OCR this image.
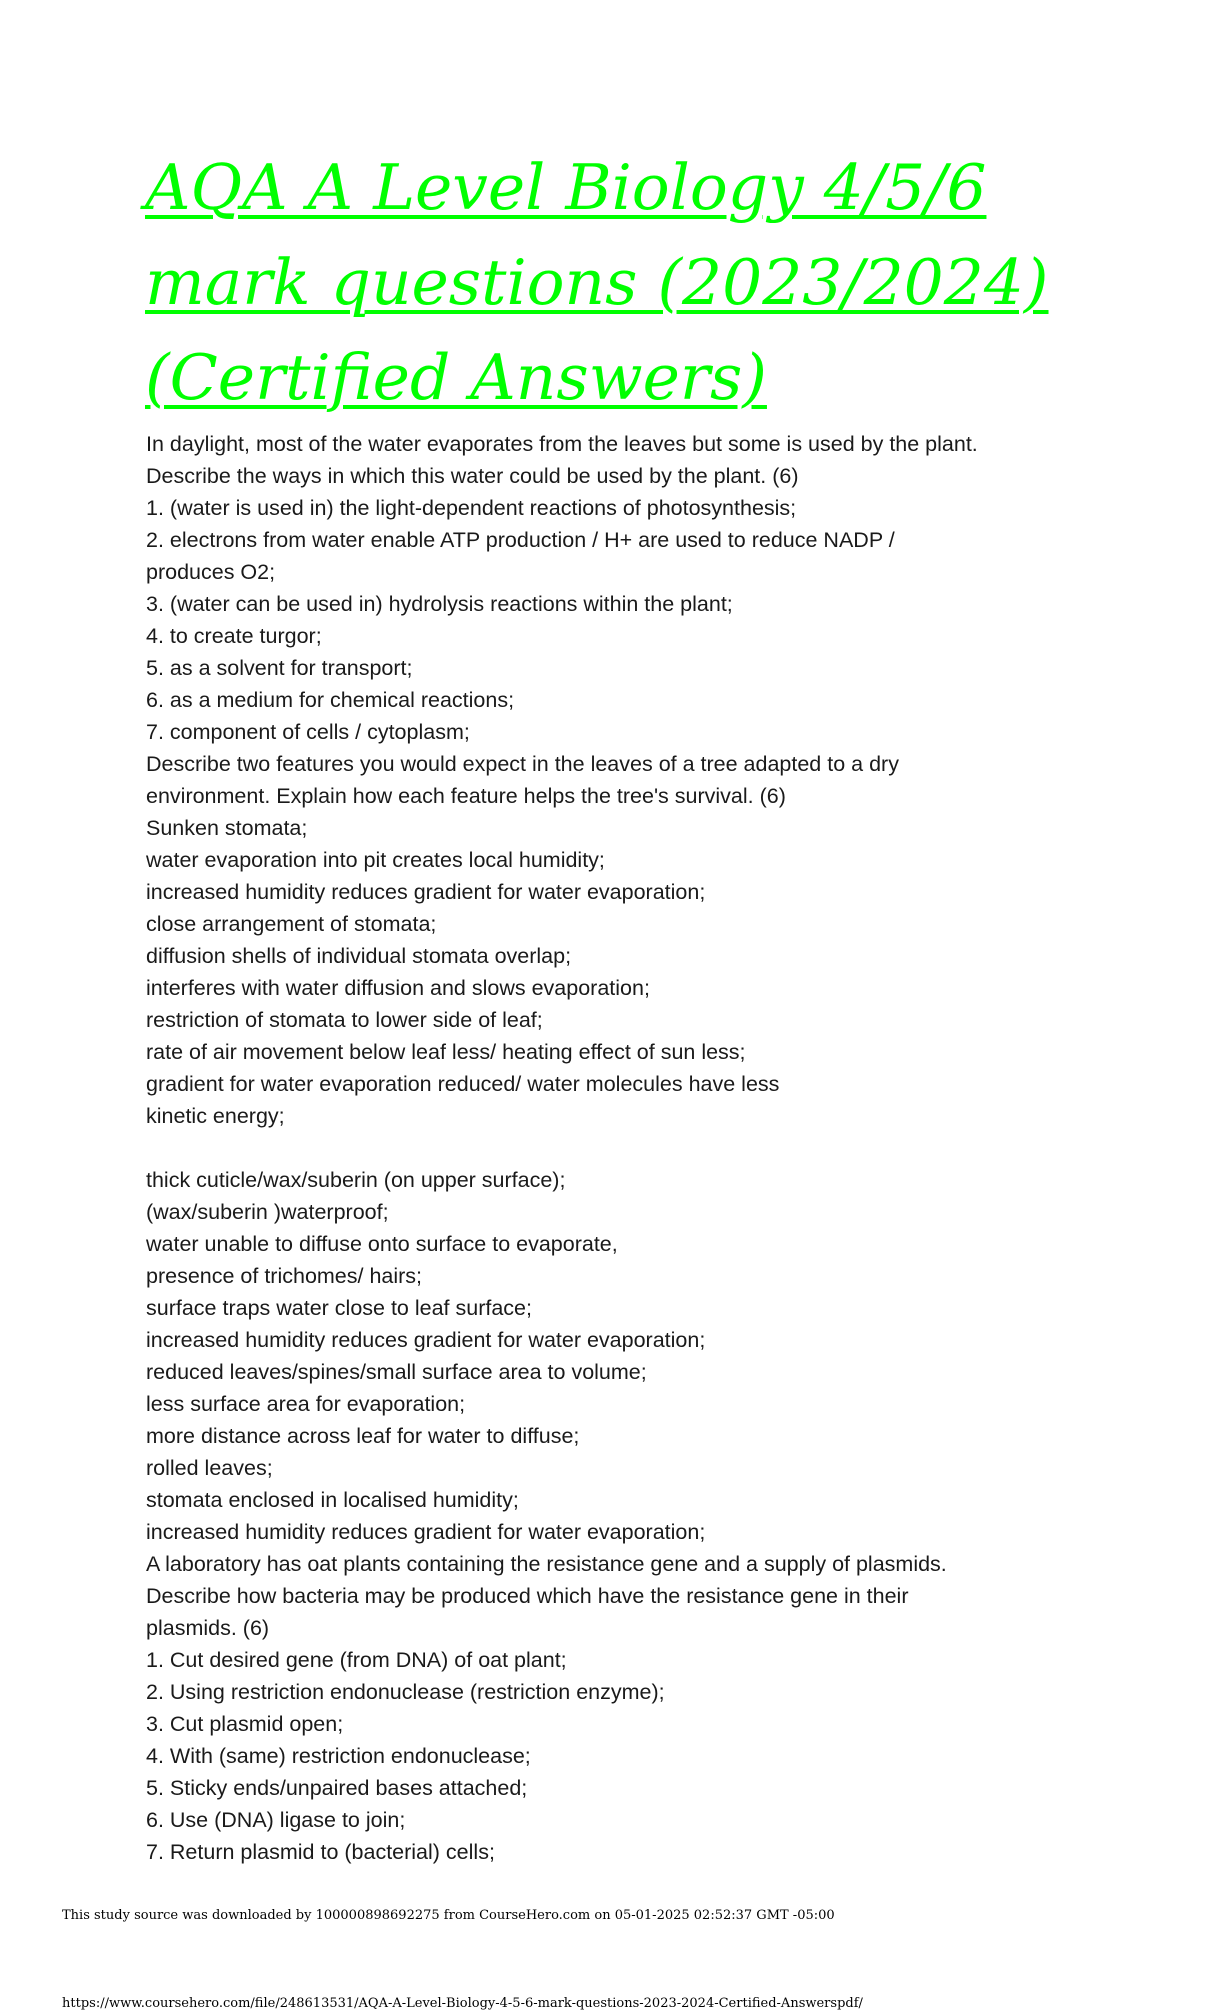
AQA A Level Biology 4/5/6
mark questions (2023/2024)
(Certified Answers)
In daylight, most of the water evaporates from the leaves but some is used by the plant.
Describe the ways in which this water could be used by the plant. (6)
1. (water is used in) the light-dependent reactions of photosynthesis;
2. electrons from water enable ATP production / H+ are used to reduce NADP /
produces O2;
3. (water can be used in) hydrolysis reactions within the plant;
4. to create turgor;
5. as a solvent for transport;
6. as a medium for chemical reactions;
7. component of cells / cytoplasm;
Describe two features you would expect in the leaves of a tree adapted to a dry
environment. Explain how each feature helps the tree's survival. (6)
Sunken stomata;
water evaporation into pit creates local humidity;
increased humidity reduces gradient for water evaporation;
close arrangement of stomata;
diffusion shells of individual stomata overlap;
interferes with water diffusion and slows evaporation;
restriction of stomata to lower side of leaf;
rate of air movement below leaf less/ heating effect of sun less;
gradient for water evaporation reduced/ water molecules have less
kinetic energy;
thick cuticle/wax/suberin (on upper surface);
(wax/suberin )waterproof;
water unable to diffuse onto surface to evaporate,
presence of trichomes/ hairs;
surface traps water close to leaf surface;
increased humidity reduces gradient for water evaporation;
reduced leaves/spines/small surface area to volume;
less surface area for evaporation;
more distance across leaf for water to diffuse;
rolled leaves;
stomata enclosed in localised humidity;
increased humidity reduces gradient for water evaporation;
A laboratory has oat plants containing the resistance gene and a supply of plasmids.
Describe how bacteria may be produced which have the resistance gene in their
plasmids. (6)
1. Cut desired gene (from DNA) of oat plant;
2. Using restriction endonuclease (restriction enzyme);
3. Cut plasmid open;
4. With (same) restriction endonuclease;
5. Sticky ends/unpaired bases attached;
6. Use (DNA) ligase to join;
7. Return plasmid to (bacterial) cells;
This study source was downloaded by 100000898692275 from CourseHero.com on 05-01-2025 02:52:37 GMT -05:00
https://www.coursehero.com/file/248613531/AQA-A-Level-Biology-4-5-6-mark-questions-2023-2024-Certified-Answerspdf/
